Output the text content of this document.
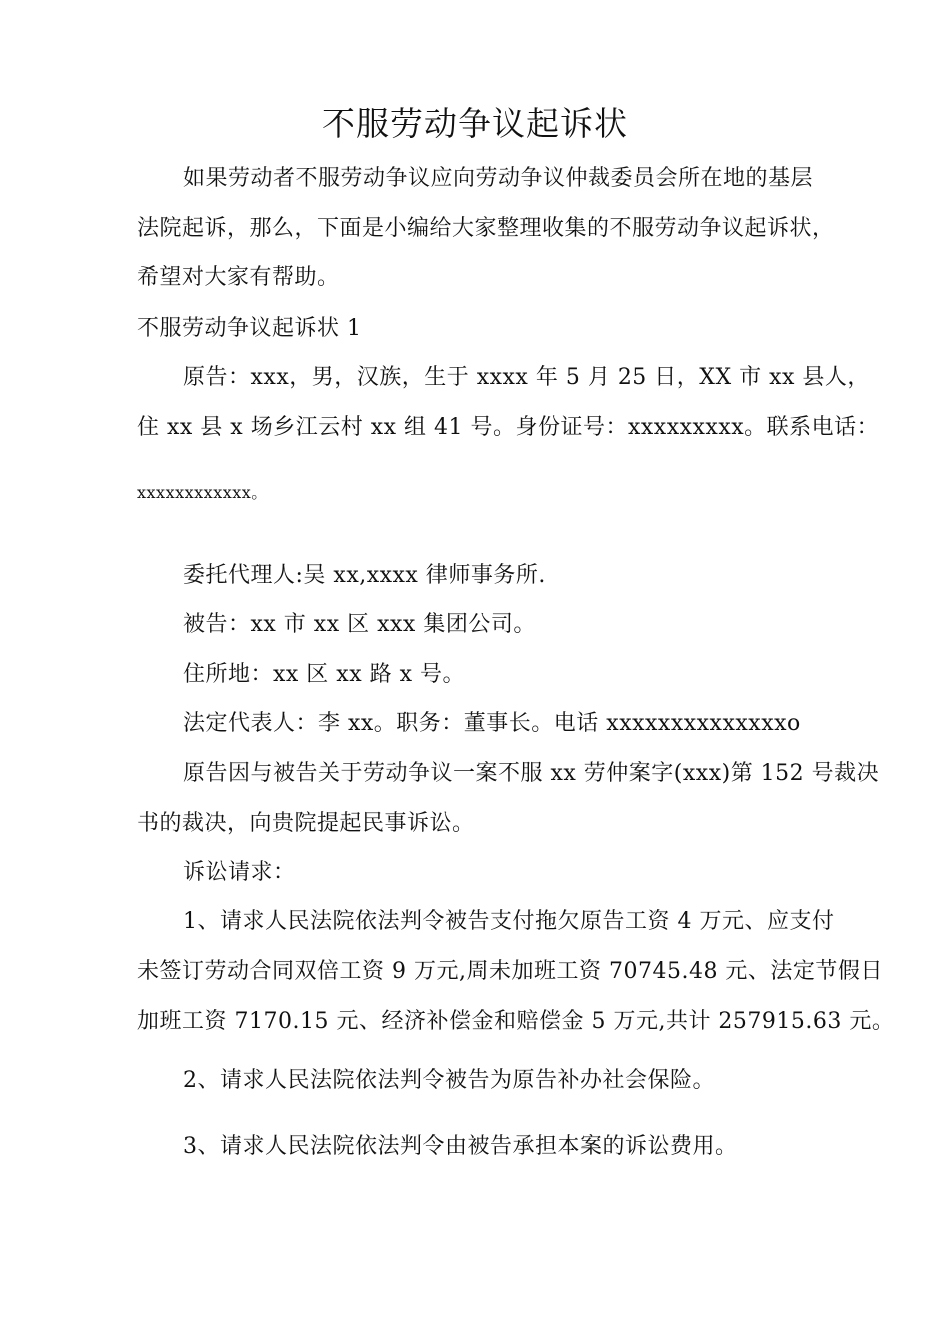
不服劳动争议起诉状
如果劳动者不服劳动争议应向劳动争议仲裁委员会所在地的基层
法院起诉，那么，下面是小编给大家整理收集的不服劳动争议起诉状，
希望对大家有帮助。
不服劳动争议起诉状 1
原告：xxx，男，汉族，生于 xxxx 年 5 月 25 日，XX 市 xx 县人，
住 xx 县 x 场乡江云村 xx 组 41 号。身份证号：xxxxxxxxx。联系电话：
xxxxxxxxxxxx。
委托代理人:吴 xx,xxxx 律师事务所.
被告：xx 市 xx 区 xxx 集团公司。
住所地：xx 区 xx 路 x 号。
法定代表人：李 xx。职务：董事长。电话 xxxxxxxxxxxxxxo
原告因与被告关于劳动争议一案不服 xx 劳仲案字(xxx)第 152 号裁决
书的裁决，向贵院提起民事诉讼。
诉讼请求：
1、请求人民法院依法判令被告支付拖欠原告工资 4 万元、应支付
未签订劳动合同双倍工资 9 万元,周未加班工资 70745.48 元、法定节假日
加班工资 7170.15 元、经济补偿金和赔偿金 5 万元,共计 257915.63 元。
2、请求人民法院依法判令被告为原告补办社会保险。
3、请求人民法院依法判令由被告承担本案的诉讼费用。
